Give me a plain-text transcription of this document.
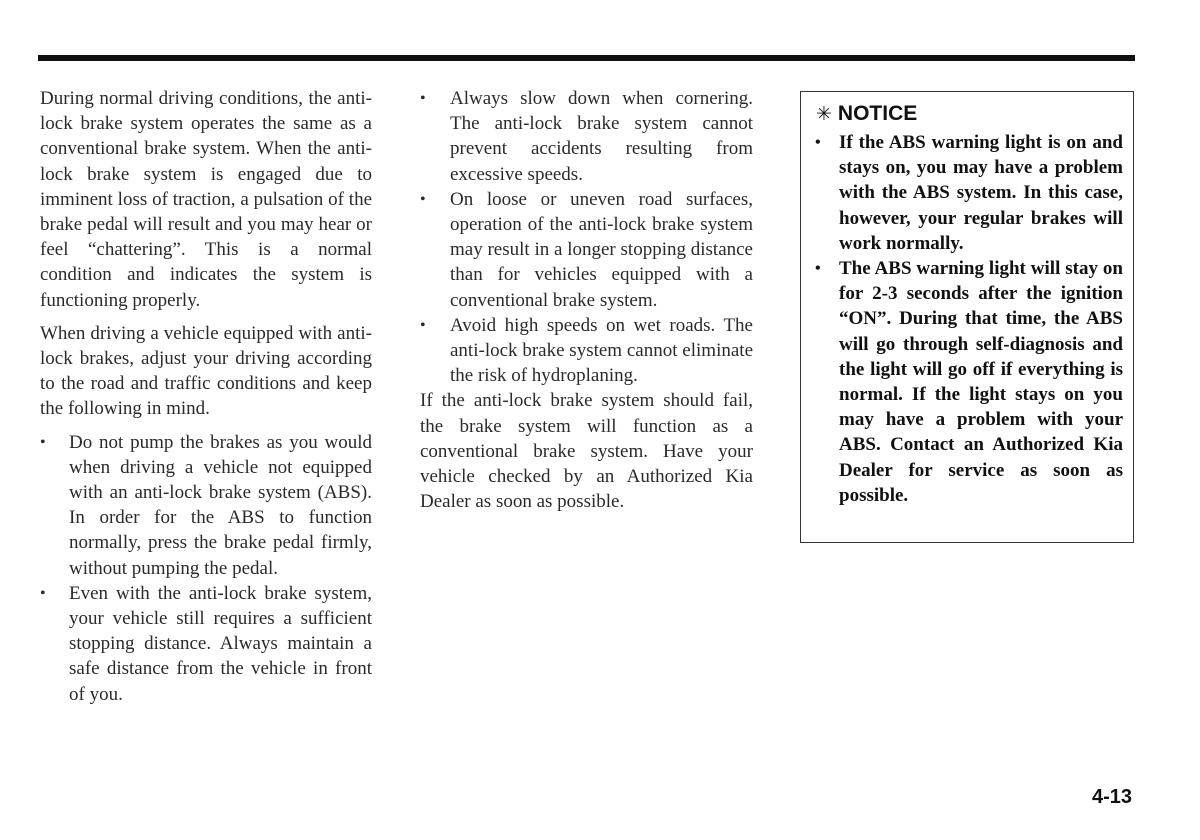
During normal driving conditions, the anti-lock brake system operates the same as a conventional brake system. When the anti-lock brake system is engaged due to imminent loss of traction, a pulsation of the brake pedal will result and you may hear or feel “chattering”. This is a normal condition and indicates the system is functioning properly.

When driving a vehicle equipped with anti-lock brakes, adjust your driving according to the road and traffic conditions and keep the following in mind.

• Do not pump the brakes as you would when driving a vehicle not equipped with an anti-lock brake system (ABS). In order for the ABS to function normally, press the brake pedal firmly, without pumping the pedal.
• Even with the anti-lock brake system, your vehicle still requires a sufficient stopping distance. Always maintain a safe distance from the vehicle in front of you.
• Always slow down when cornering. The anti-lock brake system cannot prevent accidents resulting from excessive speeds.
• On loose or uneven road surfaces, operation of the anti-lock brake system may result in a longer stopping distance than for vehicles equipped with a conventional brake system.
• Avoid high speeds on wet roads. The anti-lock brake system cannot eliminate the risk of hydroplaning.

If the anti-lock brake system should fail, the brake system will function as a conventional brake system. Have your vehicle checked by an Authorized Kia Dealer as soon as possible.

✳ NOTICE
• If the ABS warning light is on and stays on, you may have a problem with the ABS system. In this case, however, your regular brakes will work normally.
• The ABS warning light will stay on for 2-3 seconds after the ignition “ON”. During that time, the ABS will go through self-diagnosis and the light will go off if everything is normal. If the light stays on you may have a problem with your ABS. Contact an Authorized Kia Dealer for service as soon as possible.
4-13
